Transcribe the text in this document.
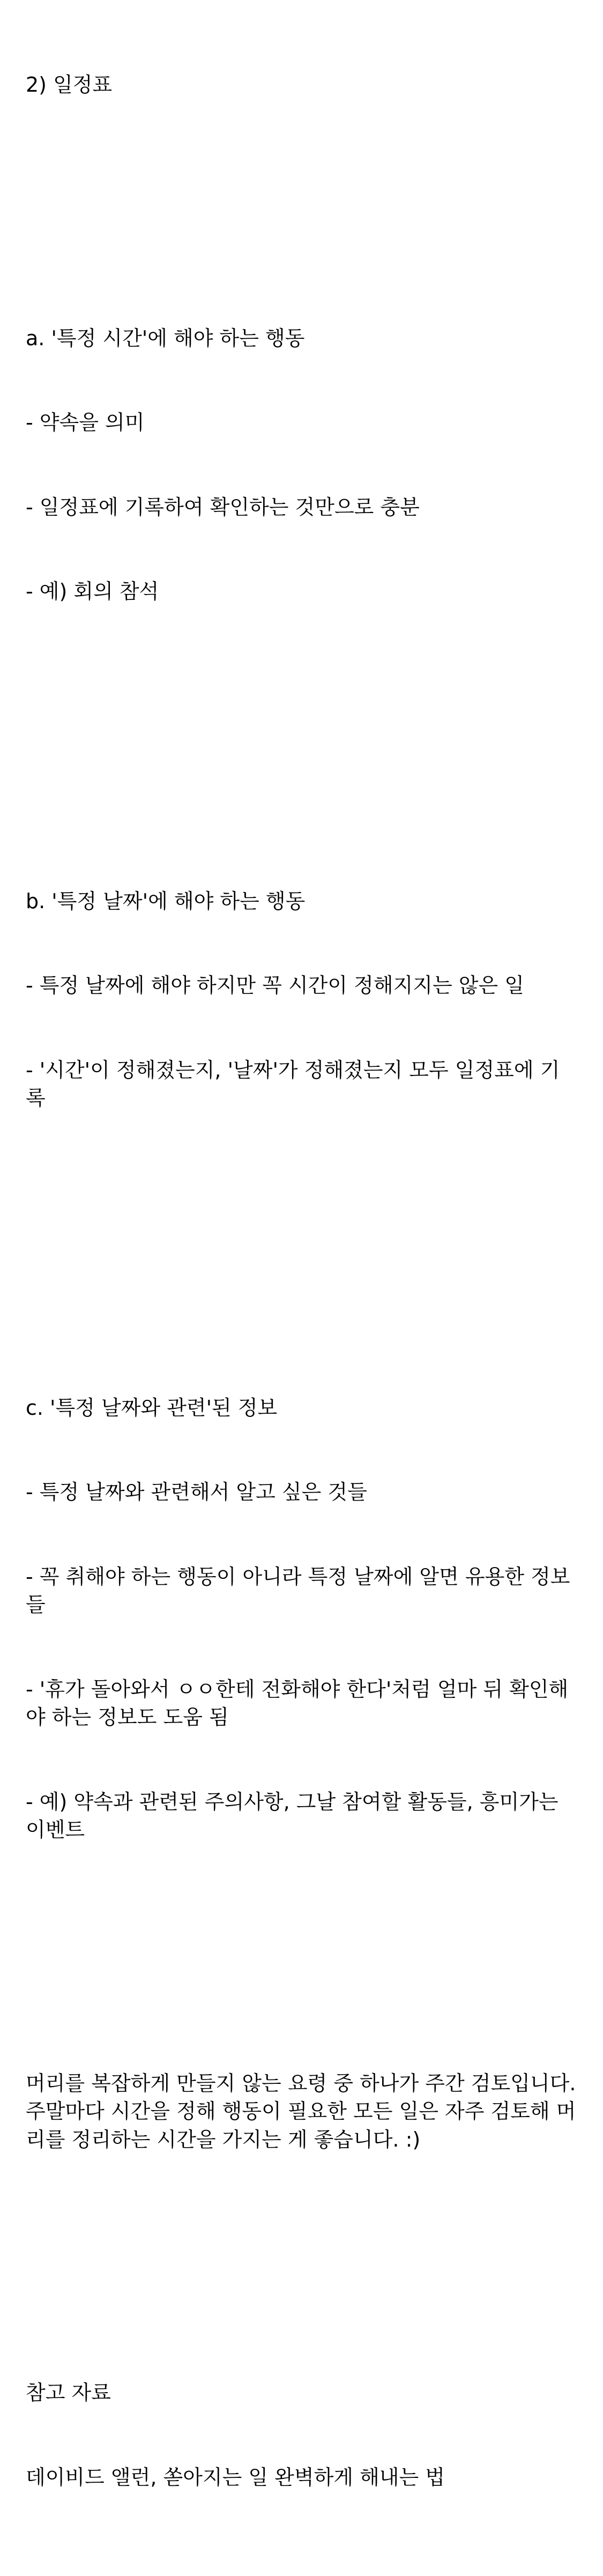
2) 일정표

a. '특정 시간'에 해야 하는 행동

- 약속을 의미

- 일정표에 기록하여 확인하는 것만으로 충분

- 예) 회의 참석

b. '특정 날짜'에 해야 하는 행동

- 특정 날짜에 해야 하지만 꼭 시간이 정해지지는 않은 일

- '시간'이 정해졌는지, '날짜'가 정해졌는지 모두 일정표에 기
록

c. '특정 날짜와 관련'된 정보

- 특정 날짜와 관련해서 알고 싶은 것들

- 꼭 취해야 하는 행동이 아니라 특정 날짜에 알면 유용한 정보
들

- '휴가 돌아와서 ㅇㅇ한테 전화해야 한다'처럼 얼마 뒤 확인해
야 하는 정보도 도움 됨

- 예) 약속과 관련된 주의사항, 그날 참여할 활동들, 흥미가는
이벤트

머리를 복잡하게 만들지 않는 요령 중 하나가 주간 검토입니다.
주말마다 시간을 정해 행동이 필요한 모든 일은 자주 검토해 머
리를 정리하는 시간을 가지는 게 좋습니다. :)

참고 자료

데이비드 앨런, 쏟아지는 일 완벽하게 해내는 법
